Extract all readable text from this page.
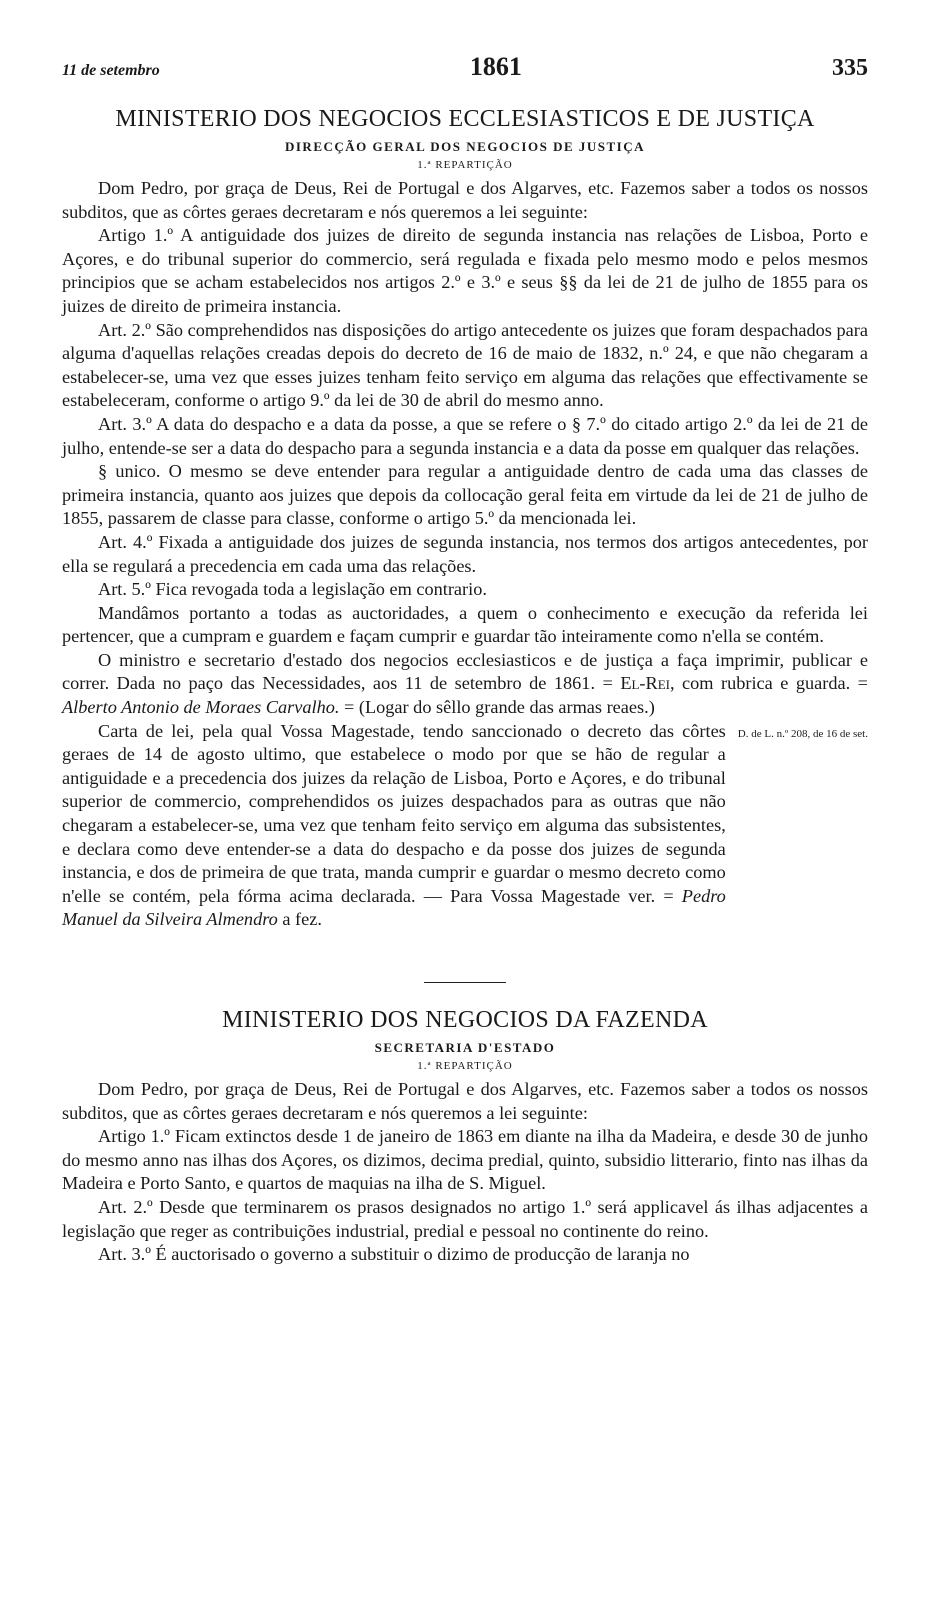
11 de setembro	1861	335
MINISTERIO DOS NEGOCIOS ECCLESIASTICOS E DE JUSTIÇA
DIRECÇÃO GERAL DOS NEGOCIOS DE JUSTIÇA
1.ª REPARTIÇÃO

Dom Pedro, por graça de Deus, Rei de Portugal e dos Algarves, etc. Fazemos saber a todos os nossos subditos, que as côrtes geraes decretaram e nós queremos a lei seguinte:

Artigo 1.º A antiguidade dos juizes de direito de segunda instancia nas relações de Lisboa, Porto e Açores, e do tribunal superior do commercio, será regulada e fixada pelo mesmo modo e pelos mesmos principios que se acham estabelecidos nos artigos 2.º e 3.º e seus §§ da lei de 21 de julho de 1855 para os juizes de direito de primeira instancia.

Art. 2.º São comprehendidos nas disposições do artigo antecedente os juizes que foram despachados para alguma d'aquellas relações creadas depois do decreto de 16 de maio de 1832, n.º 24, e que não chegaram a estabelecer-se, uma vez que esses juizes tenham feito serviço em alguma das relações que effectivamente se estabeleceram, conforme o artigo 9.º da lei de 30 de abril do mesmo anno.

Art. 3.º A data do despacho e a data da posse, a que se refere o § 7.º do citado artigo 2.º da lei de 21 de julho, entende-se ser a data do despacho para a segunda instancia e a data da posse em qualquer das relações.

§ unico. O mesmo se deve entender para regular a antiguidade dentro de cada uma das classes de primeira instancia, quanto aos juizes que depois da collocação geral feita em virtude da lei de 21 de julho de 1855, passarem de classe para classe, conforme o artigo 5.º da mencionada lei.

Art. 4.º Fixada a antiguidade dos juizes de segunda instancia, nos termos dos artigos antecedentes, por ella se regulará a precedencia em cada uma das relações.

Art. 5.º Fica revogada toda a legislação em contrario.

Mandâmos portanto a todas as auctoridades, a quem o conhecimento e execução da referida lei pertencer, que a cumpram e guardem e façam cumprir e guardar tão inteiramente como n'ella se contém.

O ministro e secretario d'estado dos negocios ecclesiasticos e de justiça a faça imprimir, publicar e correr. Dada no paço das Necessidades, aos 11 de setembro de 1861. = El-Rei, com rubrica e guarda. = Alberto Antonio de Moraes Carvalho. = (Logar do sêllo grande das armas reaes.)

Carta de lei, pela qual Vossa Magestade, tendo sanccionado o decreto das côrtes geraes de 14 de agosto ultimo, que estabelece o modo por que se hão de regular a antiguidade e a precedencia dos juizes da relação de Lisboa, Porto e Açores, e do tribunal superior de commercio, comprehendidos os juizes despachados para as outras que não chegaram a estabelecer-se, uma vez que tenham feito serviço em alguma das subsistentes, e declara como deve entender-se a data do despacho e da posse dos juizes de segunda instancia, e dos de primeira de que trata, manda cumprir e guardar o mesmo decreto como n'elle se contém, pela fórma acima declarada. — Para Vossa Magestade ver. = Pedro Manuel da Silveira Almendro a fez.

D. de L. n.º 208, de 16 de set.
MINISTERIO DOS NEGOCIOS DA FAZENDA
SECRETARIA D'ESTADO
1.ª REPARTIÇÃO

Dom Pedro, por graça de Deus, Rei de Portugal e dos Algarves, etc. Fazemos saber a todos os nossos subditos, que as côrtes geraes decretaram e nós queremos a lei seguinte:

Artigo 1.º Ficam extinctos desde 1 de janeiro de 1863 em diante na ilha da Madeira, e desde 30 de junho do mesmo anno nas ilhas dos Açores, os dizimos, decima predial, quinto, subsidio litterario, finto nas ilhas da Madeira e Porto Santo, e quartos de maquias na ilha de S. Miguel.

Art. 2.º Desde que terminarem os prasos designados no artigo 1.º será applicavel ás ilhas adjacentes a legislação que reger as contribuições industrial, predial e pessoal no continente do reino.

Art. 3.º É auctorisado o governo a substituir o dizimo de producção de laranja no
